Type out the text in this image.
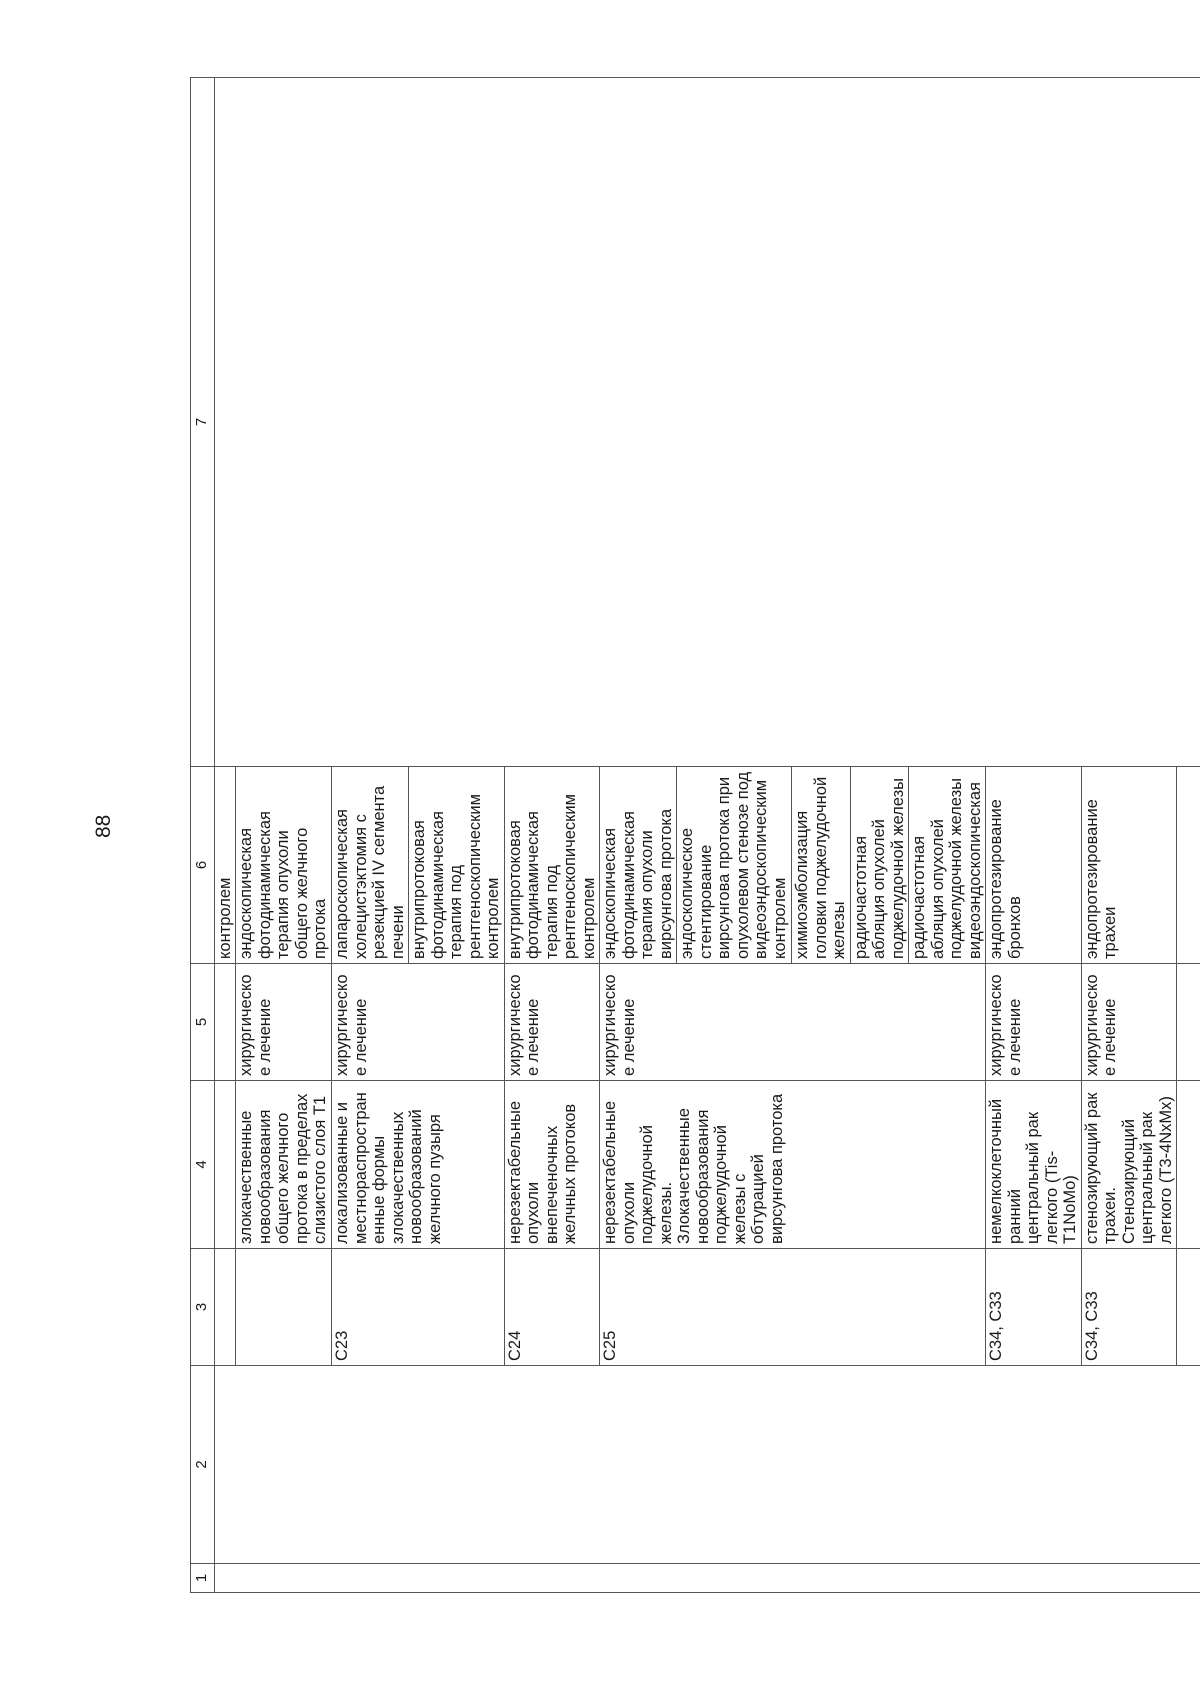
88
1	2	3	4	5	6	7
					контролем	
			злокачественные новообразования общего желчного протока в пределах слизистого слоя Т1	хирургическое лечение	эндоскопическая фотодинамическая терапия опухоли общего желчного протока	
		C23	локализованные и местнораспространенные формы злокачественных новообразований желчного пузыря	хирургическое лечение	лапароскопическая холецистэктомия с резекцией IV сегмента печени	
					внутрипротоковая фотодинамическая терапия под рентгеноскопическим контролем	
		C24	нерезектабельные опухоли внепеченочных желчных протоков	хирургическое лечение	внутрипротоковая фотодинамическая терапия под рентгеноскопическим контролем	
		C25	нерезектабельные опухоли поджелудочной железы. Злокачественные новообразования поджелудочной железы с обтурацией вирсунгова протока	хирургическое лечение	эндоскопическая фотодинамическая терапия опухоли вирсунгова протока	
					эндоскопическое стентирование вирсунгова протока при опухолевом стенозе под видеоэндоскопическим контролем	
					химиоэмболизация головки поджелудочной железы	
					радиочастотная абляция опухолей поджелудочной железы	
					радиочастотная абляция опухолей поджелудочной железы видеоэндоскопическая	
		C34, C33	немелкоклеточный ранний центральный рак легкого (Tis-T1NoMo)	хирургическое лечение	эндопротезирование бронхов	
		C34, C33	стенозирующий рак трахеи. Стенозирующий центральный рак легкого (T3-4NxMx)	хирургическое лечение	эндопротезирование трахеи	
